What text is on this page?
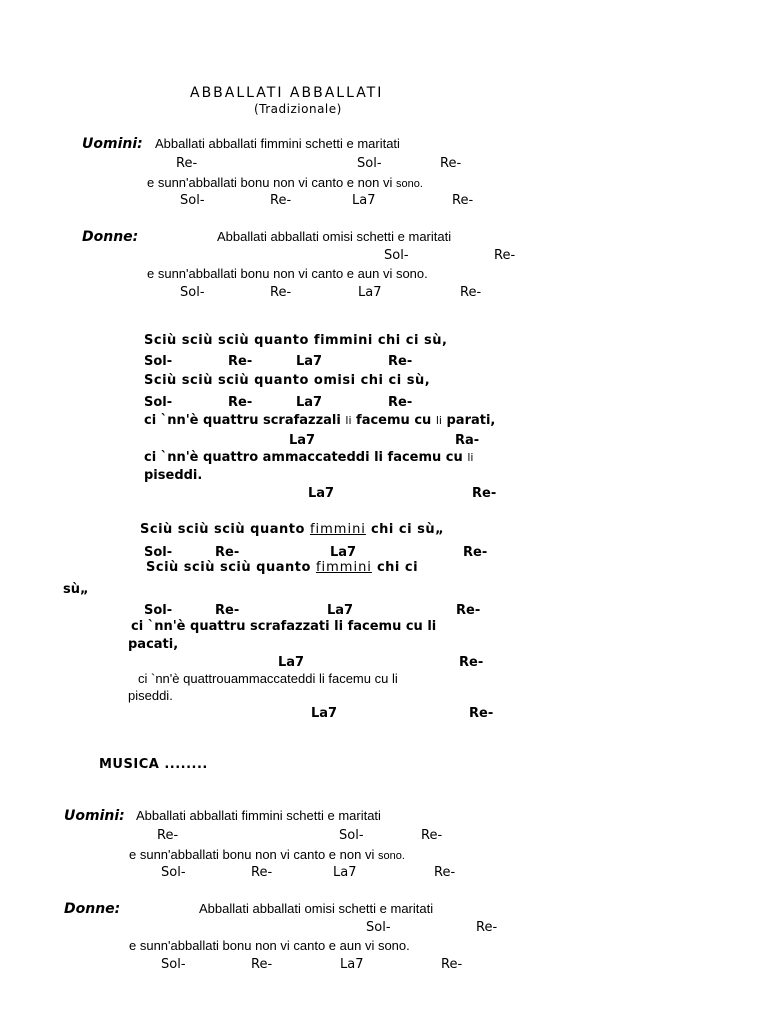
ABBALLATI ABBALLATI
(Tradizionale)
Uomini: Abballati abballati fimmini schetti e maritati
Re-	Sol-	Re-
e sunn'abballati bonu non vi canto e non vi sono.
Sol-	Re-	La7	Re-
Donne:	Abballati abballati omisi schetti e maritati
Sol-	Re-
e sunn'abballati bonu non vi canto e aun vi sono.
Sol-	Re-	La7	Re-
Sciù sciù sciù quanto fimmini chi ci sù,
Sol-	Re-	La7	Re-
Sciù sciù sciù quanto omisi chi ci sù,
Sol-	Re-	La7	Re-
ci `nn'è quattru scrafazzali li facemu cu li parati,
La7	Ra-
ci `nn'è quattro ammaccateddi li facemu cu li
piseddi.
La7	Re-
Sciù sciù sciù quanto fimmini chi ci sù„
Sol-	Re-	La7	Re-
Sciù sciù sciù quanto fimmini chi ci
sù„
Sol-	Re-	La7	Re-
ci `nn'è quattru scrafazzati li facemu cu li
pacati,
La7	Re-
ci `nn'è quattrouammaccateddi li facemu cu li
piseddi.
La7	Re-
MUSICA ........
Uomini: Abballati abballati fimmini schetti e maritati
Re-	Sol-	Re-
e sunn'abballati bonu non vi canto e non vi sono.
Sol-	Re-	La7	Re-
Donne:	Abballati abballati omisi schetti e maritati
Sol-	Re-
e sunn'abballati bonu non vi canto e aun vi sono.
Sol-	Re-	La7	Re-
